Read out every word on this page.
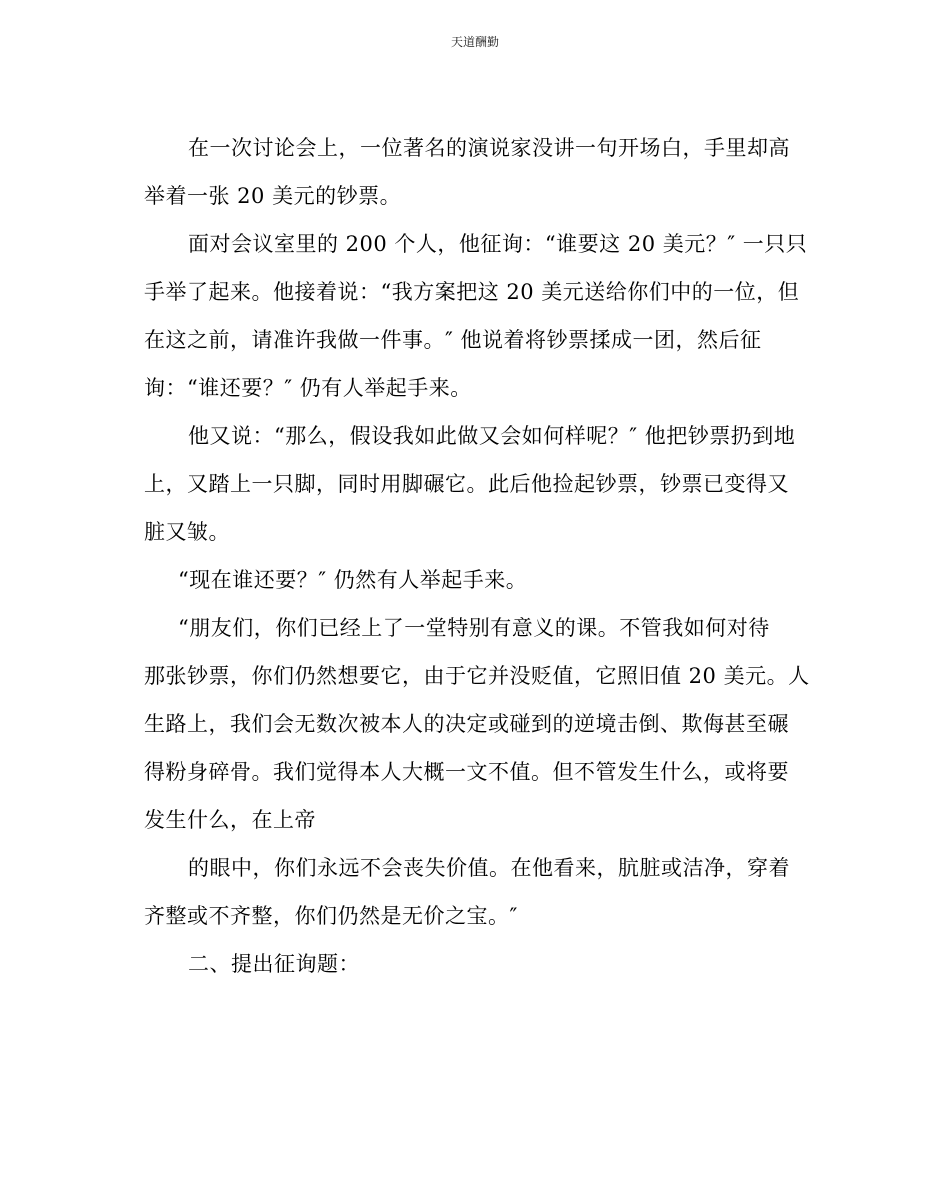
天道酬勤
在一次讨论会上，一位著名的演说家没讲一句开场白，手里却高
举着一张 20 美元的钞票。
面对会议室里的 200 个人，他征询：“谁要这 20 美元？″ 一只只
手举了起来。他接着说：“我方案把这 20 美元送给你们中的一位，但
在这之前，请准许我做一件事。″ 他说着将钞票揉成一团，然后征
询：“谁还要？″ 仍有人举起手来。
他又说：“那么，假设我如此做又会如何样呢？″ 他把钞票扔到地
上，又踏上一只脚，同时用脚碾它。此后他捡起钞票，钞票已变得又
脏又皱。
“现在谁还要？″ 仍然有人举起手来。
“朋友们，你们已经上了一堂特别有意义的课。不管我如何对待
那张钞票，你们仍然想要它，由于它并没贬值，它照旧值 20 美元。人
生路上，我们会无数次被本人的决定或碰到的逆境击倒、欺侮甚至碾
得粉身碎骨。我们觉得本人大概一文不值。但不管发生什么，或将要
发生什么，在上帝
的眼中，你们永远不会丧失价值。在他看来，肮脏或洁净，穿着
齐整或不齐整，你们仍然是无价之宝。″
二、提出征询题：
